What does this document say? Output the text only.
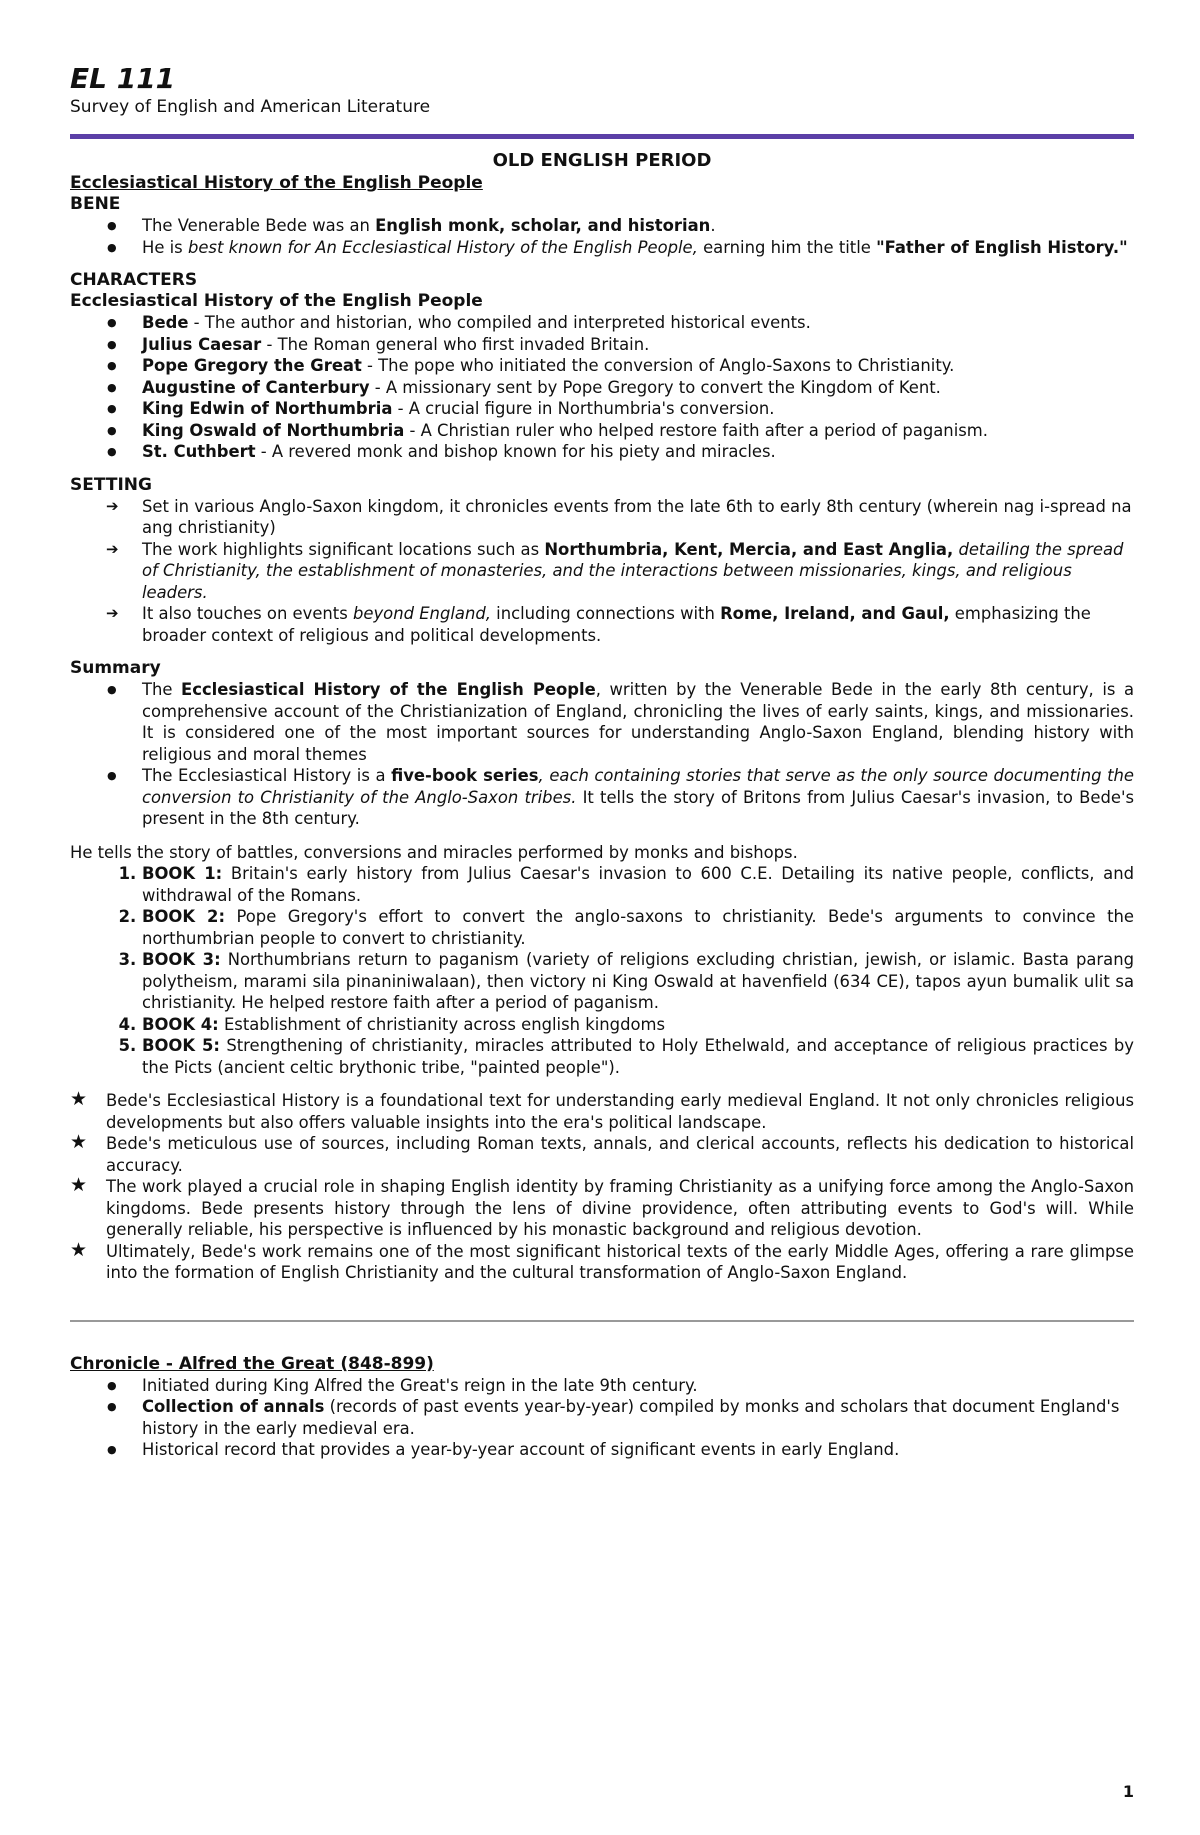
EL 111

Survey of English and American Literature

OLD ENGLISH PERIOD
Ecclesiastical History of the English People
BENE
● The Venerable Bede was an English monk, scholar, and historian.
● He is best known for An Ecclesiastical History of the English People, earning him the title "Father of English History."
CHARACTERS
Ecclesiastical History of the English People
● Bede - The author and historian, who compiled and interpreted historical events.
● Julius Caesar - The Roman general who first invaded Britain.
● Pope Gregory the Great - The pope who initiated the conversion of Anglo-Saxons to Christianity.
● Augustine of Canterbury - A missionary sent by Pope Gregory to convert the Kingdom of Kent.
● King Edwin of Northumbria - A crucial figure in Northumbria's conversion.
● King Oswald of Northumbria - A Christian ruler who helped restore faith after a period of paganism.
● St. Cuthbert - A revered monk and bishop known for his piety and miracles.
SETTING
➔ Set in various Anglo-Saxon kingdom, it chronicles events from the late 6th to early 8th century (wherein nag i-spread na ang christianity)
➔ The work highlights significant locations such as Northumbria, Kent, Mercia, and East Anglia, detailing the spread of Christianity, the establishment of monasteries, and the interactions between missionaries, kings, and religious leaders.
➔ It also touches on events beyond England, including connections with Rome, Ireland, and Gaul, emphasizing the broader context of religious and political developments.
Summary
● The Ecclesiastical History of the English People, written by the Venerable Bede in the early 8th century, is a comprehensive account of the Christianization of England, chronicling the lives of early saints, kings, and missionaries. It is considered one of the most important sources for understanding Anglo-Saxon England, blending history with religious and moral themes
● The Ecclesiastical History is a five-book series, each containing stories that serve as the only source documenting the conversion to Christianity of the Anglo-Saxon tribes. It tells the story of Britons from Julius Caesar's invasion, to Bede's present in the 8th century.

He tells the story of battles, conversions and miracles performed by monks and bishops.

1. BOOK 1: Britain's early history from Julius Caesar's invasion to 600 C.E. Detailing its native people, conflicts, and withdrawal of the Romans.
2. BOOK 2: Pope Gregory's effort to convert the anglo-saxons to christianity. Bede's arguments to convince the northumbrian people to convert to christianity.
3. BOOK 3: Northumbrians return to paganism (variety of religions excluding christian, jewish, or islamic. Basta parang polytheism, marami sila pinaniniwalaan), then victory ni King Oswald at havenfield (634 CE), tapos ayun bumalik ulit sa christianity. He helped restore faith after a period of paganism.
4. BOOK 4: Establishment of christianity across english kingdoms
5. BOOK 5: Strengthening of christianity, miracles attributed to Holy Ethelwald, and acceptance of religious practices by the Picts (ancient celtic brythonic tribe, "painted people").
★ Bede's Ecclesiastical History is a foundational text for understanding early medieval England. It not only chronicles religious developments but also offers valuable insights into the era's political landscape.
★ Bede's meticulous use of sources, including Roman texts, annals, and clerical accounts, reflects his dedication to historical accuracy.
★ The work played a crucial role in shaping English identity by framing Christianity as a unifying force among the Anglo-Saxon kingdoms. Bede presents history through the lens of divine providence, often attributing events to God's will. While generally reliable, his perspective is influenced by his monastic background and religious devotion.
★ Ultimately, Bede's work remains one of the most significant historical texts of the early Middle Ages, offering a rare glimpse into the formation of English Christianity and the cultural transformation of Anglo-Saxon England.
Chronicle - Alfred the Great (848-899)
● Initiated during King Alfred the Great's reign in the late 9th century.
● Collection of annals (records of past events year-by-year) compiled by monks and scholars that document England's history in the early medieval era.
● Historical record that provides a year-by-year account of significant events in early England.
1
